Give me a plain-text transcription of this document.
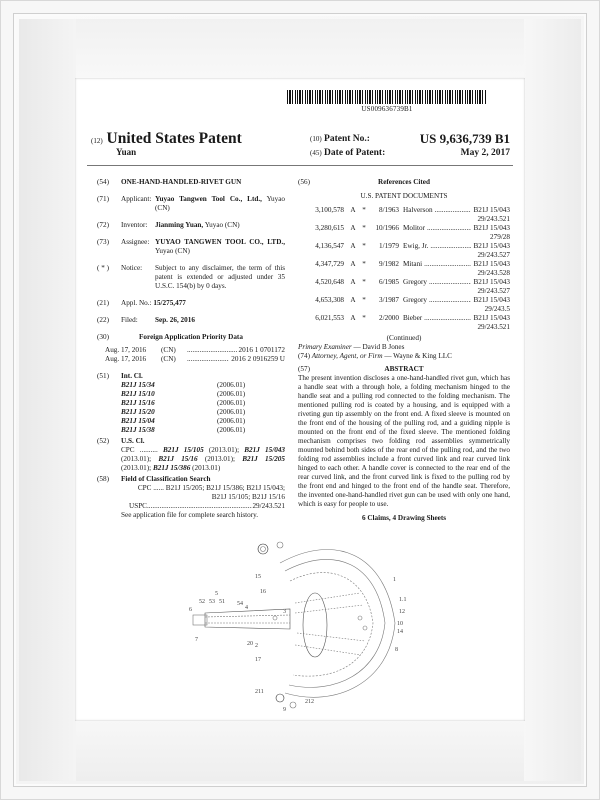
US009636739B1
(12) United States Patent
Yuan
(10) Patent No.:	US 9,636,739 B1
(45) Date of Patent:	May 2, 2017
(54)	ONE-HAND-HANDLED-RIVET GUN
(71)	Applicant: Yuyao Tangwen Tool Co., Ltd., Yuyao (CN)
(72)	Inventor: Jianming Yuan, Yuyao (CN)
(73)	Assignee: YUYAO TANGWEN TOOL CO., LTD., Yuyao (CN)
( * )	Notice: Subject to any disclaimer, the term of this patent is extended or adjusted under 35 U.S.C. 154(b) by 0 days.
(21)	Appl. No.: 15/275,477
(22)	Filed: Sep. 26, 2016
(30)	Foreign Application Priority Data
Aug. 17, 2016	(CN) .....	2016 1 0701172
Aug. 17, 2016	(CN) .....	2016 2 0916259 U
(51)	Int. Cl.
B21J 15/34	(2006.01)
B21J 15/10	(2006.01)
B21J 15/16	(2006.01)
B21J 15/20	(2006.01)
B21J 15/04	(2006.01)
B21J 15/38	(2006.01)
(52)	U.S. Cl.
CPC .......... B21J 15/105 (2013.01); B21J 15/043 (2013.01); B21J 15/16 (2013.01); B21J 15/205 (2013.01); B21J 15/386 (2013.01)
(58)	Field of Classification Search
CPC ...... B21J 15/205; B21J 15/386; B21J 15/043; B21J 15/105; B21J 15/16
USPC .....	29/243.521
See application file for complete search history.
(56)	References Cited
U.S. PATENT DOCUMENTS
3,100,578 A *	8/1963 Halverson .....	B21J 15/043
29/243.521
3,280,615 A *	10/1966 Molitor .....	B21J 15/043
279/28
4,136,547 A *	1/1979 Ewig, Jr. .....	B21J 15/043
29/243.527
4,347,729 A *	9/1982 Mitani .....	B21J 15/043
29/243.528
4,520,648 A *	6/1985 Gregory .....	B21J 15/043
29/243.527
4,653,308 A *	3/1987 Gregory .....	B21J 15/043
29/243.5
6,021,553 A *	2/2000 Bieber .....	B21J 15/043
29/243.521
(Continued)
Primary Examiner — David B Jones
(74) Attorney, Agent, or Firm — Wayne & King LLC
(57)	ABSTRACT
The present invention discloses a one-hand-handled rivet gun, which has a handle seat with a through hole, a folding mechanism hinged to the handle seat and a pulling rod connected to the folding mechanism. The mentioned pulling rod is coated by a housing, and is equipped with a riveting gun tip assembly on the front end. A fixed sleeve is mounted on the front end of the housing of the pulling rod, and a guiding nipple is mounted on the front end of the fixed sleeve. The mentioned folding mechanism comprises two folding rod assemblies symmetrically mounted behind both sides of the rear end of the pulling rod, and the two folding rod assemblies include a front curved link and rear curved link hinged to each other. A handle cover is connected to the rear end of the rear curved link, and the front curved link is fixed to the pulling rod by the front end and hinged to the front end of the handle seat. Therefore, the invented one-hand-handled rivet gun can be used with only one hand, which is easy for people to use.
6 Claims, 4 Drawing Sheets
15
16
5
52 53 51 54
4
6
7
3
20 2
17
211
9
212
1.1
12
10
14
8
1
